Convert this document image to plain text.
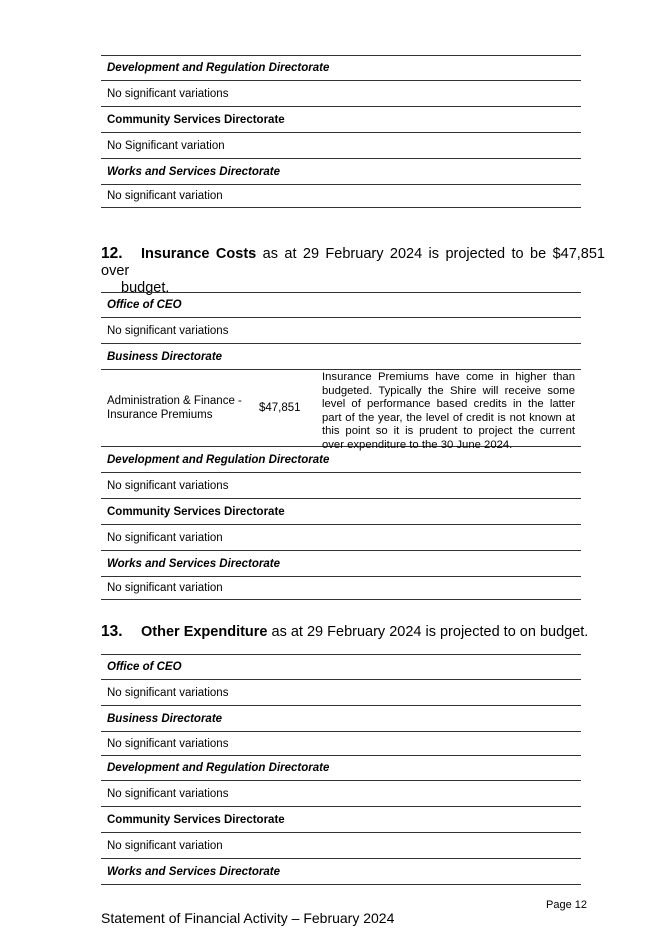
Development and Regulation Directorate
No significant variations
Community Services Directorate
No Significant variation
Works and Services Directorate
No significant variation
12. Insurance Costs as at 29 February 2024 is projected to be $47,851 over
budget.
Office of CEO
No significant variations
Business Directorate
Administration & Finance - Insurance Premiums
$47,851
Insurance Premiums have come in higher than budgeted. Typically the Shire will receive some level of performance based credits in the latter part of the year, the level of credit is not known at this point so it is prudent to project the current over expenditure to the 30 June 2024.
Development and Regulation Directorate
No significant variations
Community Services Directorate
No significant variation
Works and Services Directorate
No significant variation
13. Other Expenditure as at 29 February 2024 is projected to on budget.
Office of CEO
No significant variations
Business Directorate
No significant variations
Development and Regulation Directorate
No significant variations
Community Services Directorate
No significant variation
Works and Services Directorate
Page 12
Statement of Financial Activity – February 2024
